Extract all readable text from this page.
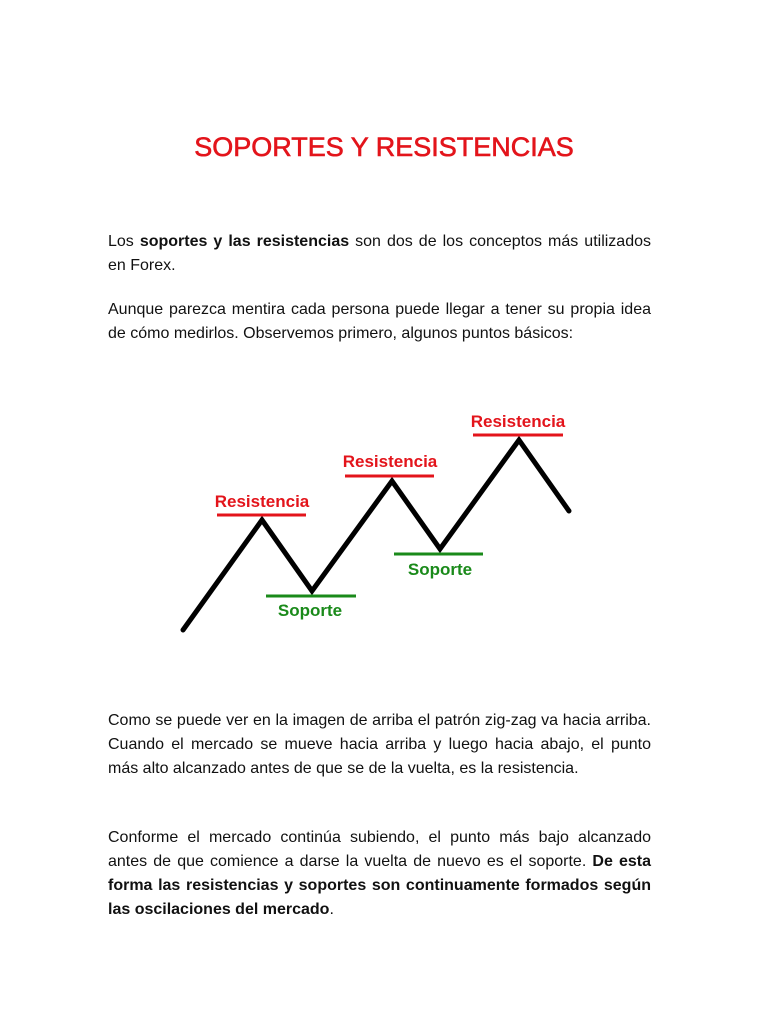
SOPORTES Y RESISTENCIAS

Los soportes y las resistencias son dos de los conceptos más utilizados en Forex.

Aunque parezca mentira cada persona puede llegar a tener su propia idea de cómo medirlos. Observemos primero, algunos puntos básicos:

Resistencia
Resistencia
Resistencia
Soporte
Soporte

Como se puede ver en la imagen de arriba el patrón zig-zag va hacia arriba. Cuando el mercado se mueve hacia arriba y luego hacia abajo, el punto más alto alcanzado antes de que se de la vuelta, es la resistencia.

Conforme el mercado continúa subiendo, el punto más bajo alcanzado antes de que comience a darse la vuelta de nuevo es el soporte. De esta forma las resistencias y soportes son continuamente formados según las oscilaciones del mercado.
